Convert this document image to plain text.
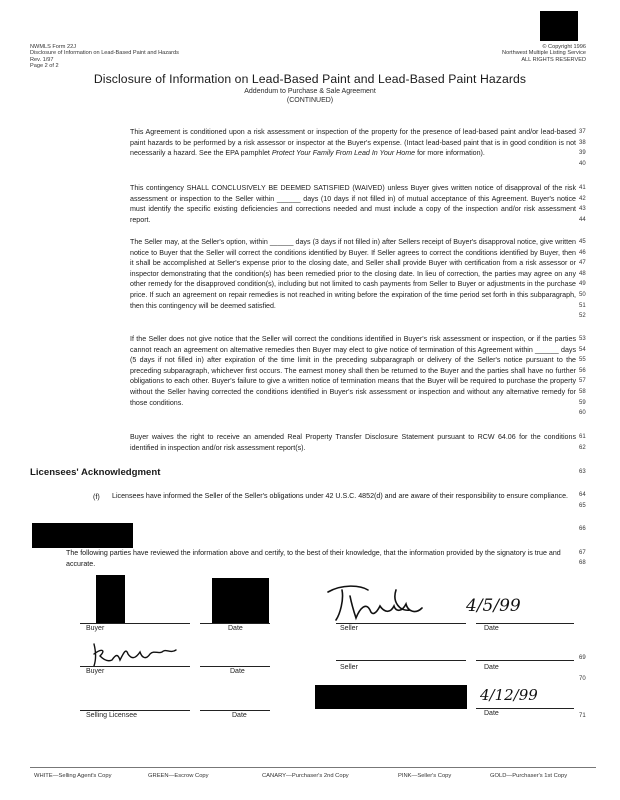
NWMLS Form 22J
Disclosure of Information on Lead-Based Paint and Hazards
Rev. 1/97
Page 2 of 2
© Copyright 1996
Northwest Multiple Listing Service
ALL RIGHTS RESERVED
Disclosure of Information on Lead-Based Paint and Lead-Based Paint Hazards
Addendum to Purchase & Sale Agreement
(CONTINUED)

This Agreement is conditioned upon a risk assessment or inspection of the property for the presence of lead-based paint and/or lead-based paint hazards to be performed by a risk assessor or inspector at the Buyer's expense. (Intact lead-based paint that is in good condition is not necessarily a hazard. See the EPA pamphlet Protect Your Family From Lead In Your Home for more information).

37
38
39
40

This contingency SHALL CONCLUSIVELY BE DEEMED SATISFIED (WAIVED) unless Buyer gives written notice of disapproval of the risk assessment or inspection to the Seller within ______ days (10 days if not filled in) of mutual acceptance of this Agreement. Buyer's notice must identify the specific existing deficiencies and corrections needed and must include a copy of the inspection and/or risk assessment report.

41
42
43
44

The Seller may, at the Seller's option, within ______ days (3 days if not filled in) after Sellers receipt of Buyer's disapproval notice, give written notice to Buyer that the Seller will correct the conditions identified by Buyer. If Seller agrees to correct the conditions identified by Buyer, then it shall be accomplished at Seller's expense prior to the closing date, and Seller shall provide Buyer with certification from a risk assessor or inspector demonstrating that the condition(s) has been remedied prior to the closing date. In lieu of correction, the parties may agree on any other remedy for the disapproved condition(s), including but not limited to cash payments from Seller to Buyer or adjustments in the purchase price. If such an agreement on repair remedies is not reached in writing before the expiration of the time period set forth in this subparagraph, then this contingency will be deemed satisfied.

45
46
47
48
49
50
51
52

If the Seller does not give notice that the Seller will correct the conditions identified in Buyer's risk assessment or inspection, or if the parties cannot reach an agreement on alternative remedies then Buyer may elect to give notice of termination of this Agreement within ______ days (5 days if not filled in) after expiration of the time limit in the preceding subparagraph or delivery of the Seller's notice pursuant to the preceding subparagraph, whichever first occurs. The earnest money shall then be returned to the Buyer and the parties shall have no further obligations to each other. Buyer's failure to give a written notice of termination means that the Buyer will be required to purchase the property without the Seller having corrected the conditions identified in Buyer's risk assessment or inspection and without any alternative remedy for those conditions.

53
54
55
56
57
58
59
60

Buyer waives the right to receive an amended Real Property Transfer Disclosure Statement pursuant to RCW 64.06 for the conditions identified in inspection and/or risk assessment report(s).

61
62
Licensees' Acknowledgment	63
(f) Licensees have informed the Seller of the Seller's obligations under 42 U.S.C. 4852(d) and are aware of their responsibility to ensure compliance.	64
65
66
The following parties have reviewed the information above and certify, to the best of their knowledge, that the information provided by the signatory is true and accurate.
67
68
4/5/99
4/12/99
Buyer	Date	Seller	Date
69
Buyer	Date
Seller	Date
70
Selling Licensee	Date	Date	71
WHITE—Selling Agent's Copy	GREEN—Escrow Copy	CANARY—Purchaser's 2nd Copy	PINK—Seller's Copy	GOLD—Purchaser's 1st Copy
